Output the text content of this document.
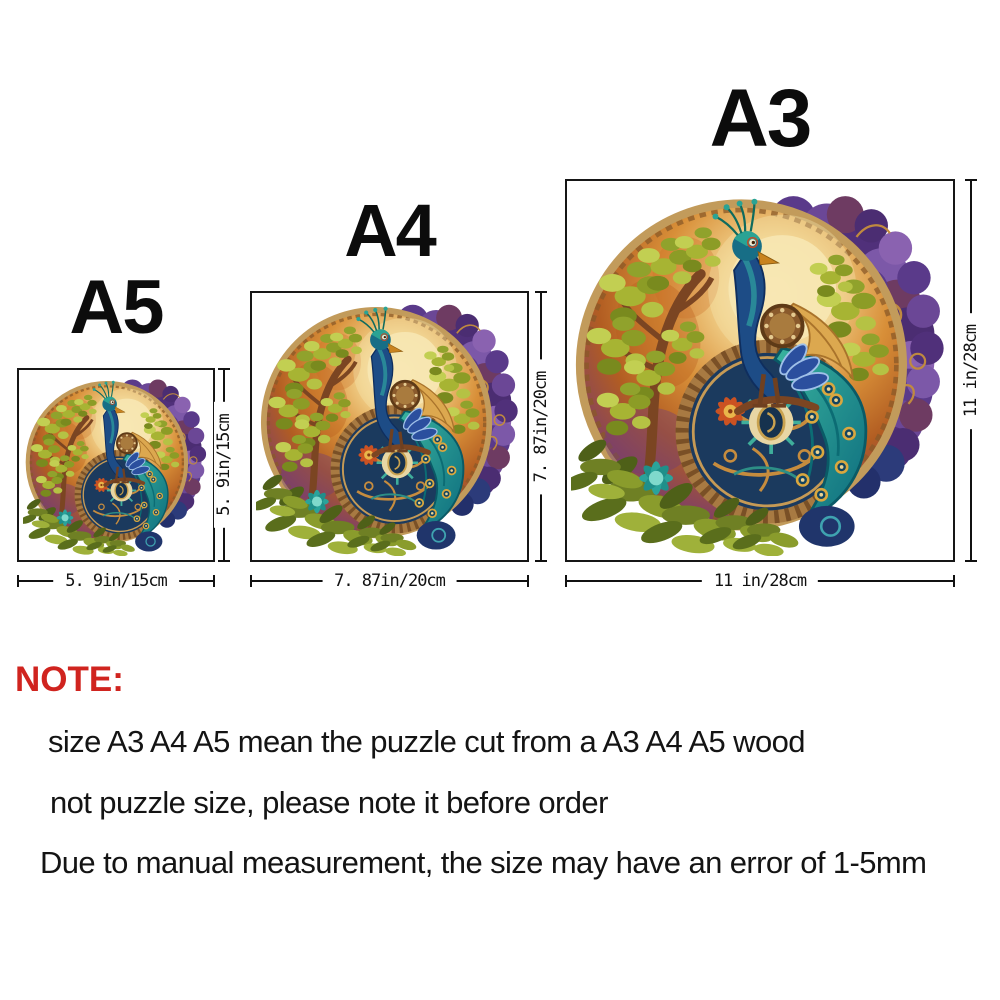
A5
5. 9in/15cm
5. 9in/15cm
A4
7. 87in/20cm
7. 87in/20cm
A3
11 in/28cm
11 in/28cm
NOTE:
size A3 A4 A5 mean the puzzle cut from a A3 A4 A5 wood
not puzzle size, please note it before order
Due to manual measurement, the size may have an error of 1-5mm
